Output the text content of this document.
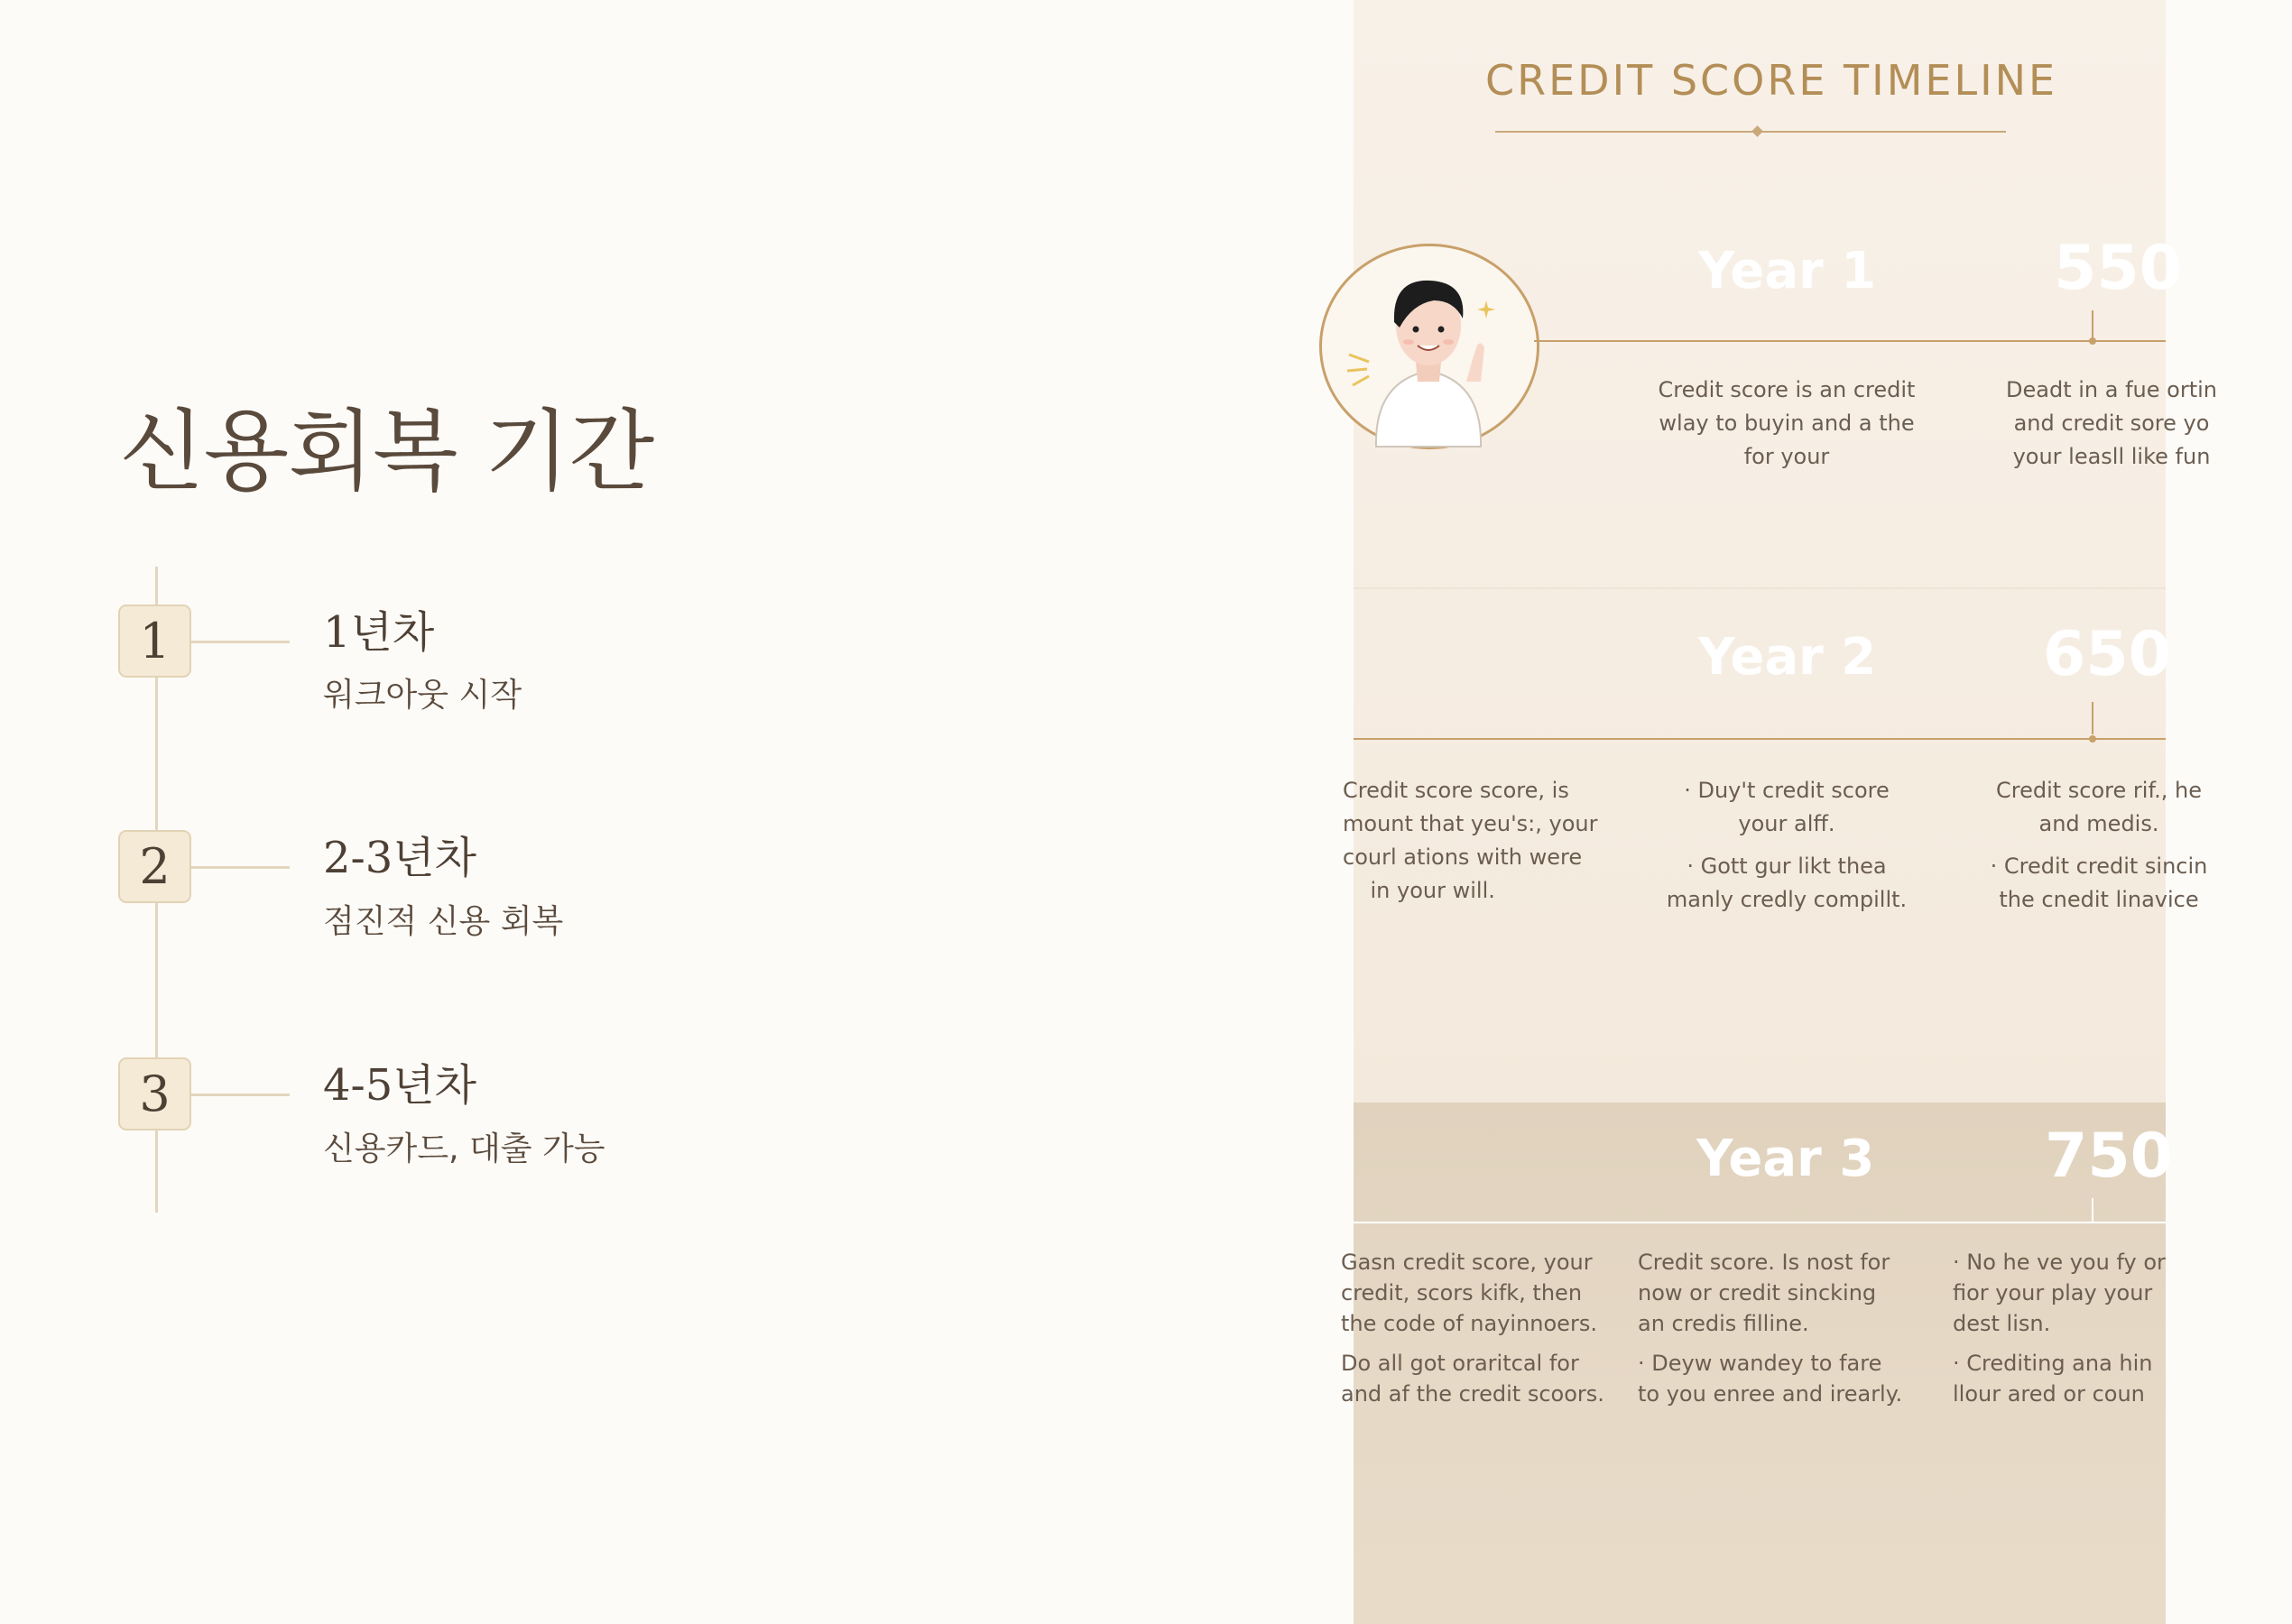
신용회복 기간
1	1년차
워크아웃 시작
2	2-3년차
점진적 신용 회복
3	4-5년차
신용카드, 대출 가능
CREDIT SCORE TIMELINE
Year 1	550
Credit score is an credit
wlay to buyin and a the
for your
Deadt in a fue ortin
and credit sore yo
your leasll like fun
Year 2	650
Credit score score, is
mount that yeu's:, your
courl ations with were
in your will.
· Duy't credit score
your alff.
· Gott gur likt thea
manly credly compillt.
Credit score rif., he
and medis.
· Credit credit sincin
the cnedit linavice
Year 3	750
Gasn credit score, your
credit, scors kifk, then
the code of nayinnoers.
Do all got oraritcal for
and af the credit scoors.
Credit score. Is nost for
now or credit sincking
an credis filline.
· Deyw wandey to fare
to you enree and irearly.
· No he ve you fy or
fior your play your
dest lisn.
· Crediting ana hin
llour ared or coun
